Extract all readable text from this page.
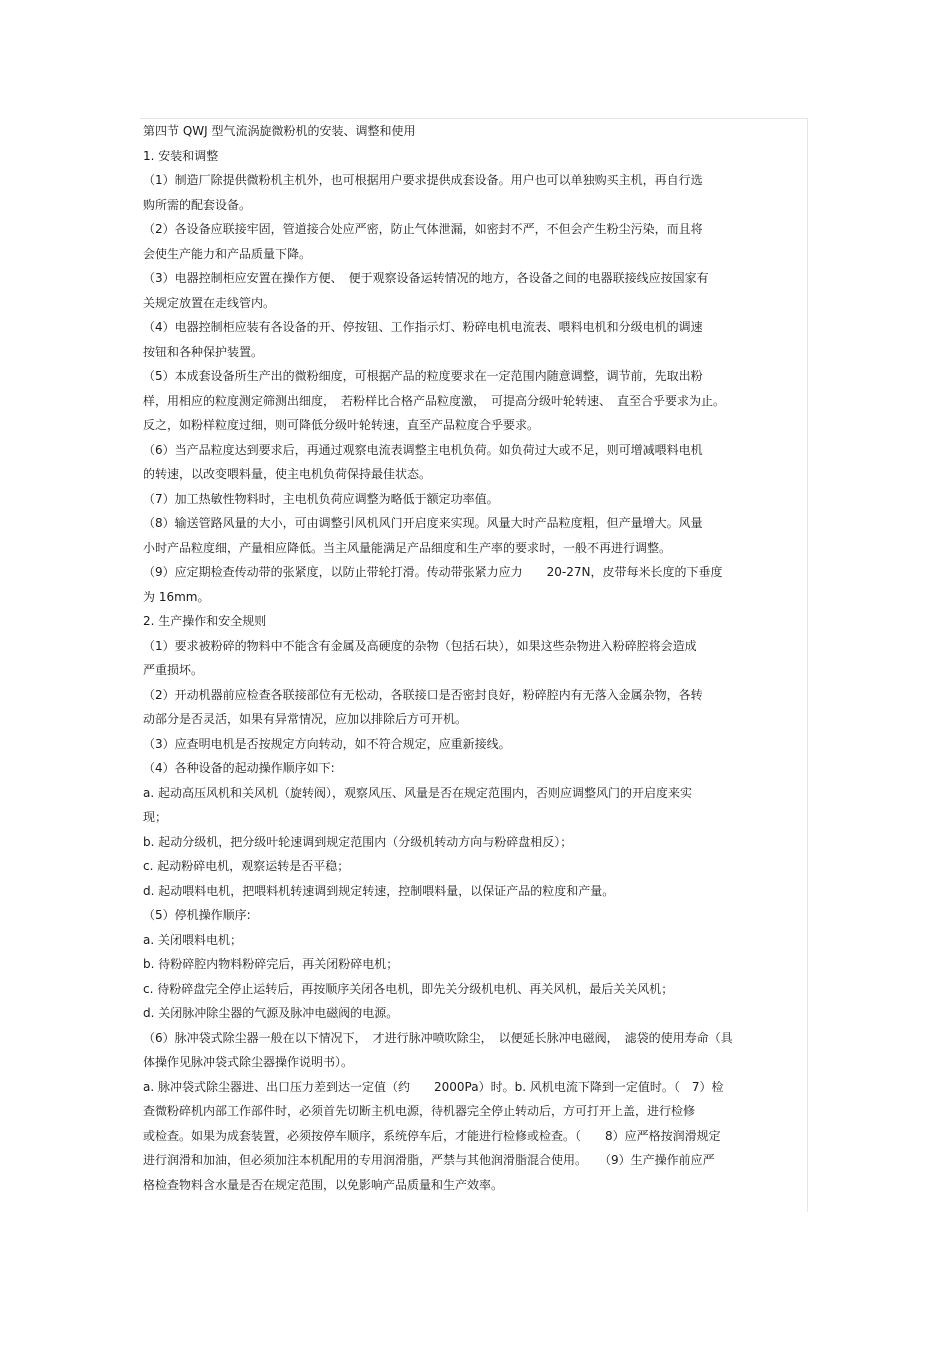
第四节 QWJ 型气流涡旋微粉机的安装、调整和使用
1. 安装和调整
（1）制造厂除提供微粉机主机外，也可根据用户要求提供成套设备。用户也可以单独购买主机，再自行选
购所需的配套设备。
（2）各设备应联接牢固，管道接合处应严密，防止气体泄漏，如密封不严，不但会产生粉尘污染，而且将
会使生产能力和产品质量下降。
（3）电器控制柜应安置在操作方便、　便于观察设备运转情况的地方，各设备之间的电器联接线应按国家有
关规定放置在走线管内。
（4）电器控制柜应装有各设备的开、停按钮、工作指示灯、粉碎电机电流表、喂料电机和分级电机的调速
按钮和各种保护装置。
（5）本成套设备所生产出的微粉细度，可根据产品的粒度要求在一定范围内随意调整，调节前，先取出粉
样，用相应的粒度测定筛测出细度，　若粉样比合格产品粒度激，　可提高分级叶轮转速、　直至合乎要求为止。
反之，如粉样粒度过细，则可降低分级叶轮转速，直至产品粒度合乎要求。
（6）当产品粒度达到要求后，再通过观察电流表调整主电机负荷。如负荷过大或不足，则可增减喂料电机
的转速，以改变喂料量，使主电机负荷保持最佳状态。
（7）加工热敏性物料时，主电机负荷应调整为略低于额定功率值。
（8）输送管路风量的大小，可由调整引风机风门开启度来实现。风量大时产品粒度粗，但产量增大。风量
小时产品粒度细，产量相应降低。当主风量能满足产品细度和生产率的要求时，一般不再进行调整。
（9）应定期检查传动带的张紧度，以防止带轮打滑。传动带张紧力应力　　20-27N，皮带每米长度的下垂度
为 16mm。
2. 生产操作和安全规则
（1）要求被粉碎的物料中不能含有金属及高硬度的杂物（包括石块），如果这些杂物进入粉碎腔将会造成
严重损坏。
（2）开动机器前应检查各联接部位有无松动，各联接口是否密封良好，粉碎腔内有无落入金属杂物，各转
动部分是否灵活，如果有异常情况，应加以排除后方可开机。
（3）应查明电机是否按规定方向转动，如不符合规定，应重新接线。
（4）各种设备的起动操作顺序如下:
a. 起动高压风机和关风机（旋转阀），观察风压、风量是否在规定范围内，否则应调整风门的开启度来实
现；
b. 起动分级机，把分级叶轮速调到规定范围内（分级机转动方向与粉碎盘相反）；
c. 起动粉碎电机，观察运转是否平稳；
d. 起动喂料电机，把喂料机转速调到规定转速，控制喂料量，以保证产品的粒度和产量。
（5）停机操作顺序:
a. 关闭喂料电机；
b. 待粉碎腔内物料粉碎完后，再关闭粉碎电机；
c. 待粉碎盘完全停止运转后，再按顺序关闭各电机，即先关分级机电机、再关风机，最后关关风机；
d. 关闭脉冲除尘器的气源及脉冲电磁阀的电源。
（6）脉冲袋式除尘器一般在以下情况下，　才进行脉冲喷吹除尘，　以便延长脉冲电磁阀，　滤袋的使用寿命（具
体操作见脉冲袋式除尘器操作说明书）。
a. 脉冲袋式除尘器进、出口压力差到达一定值（约　　2000Pa）时。b. 风机电流下降到一定值时。（　7）检
查微粉碎机内部工作部件时，必须首先切断主机电源，待机器完全停止转动后，方可打开上盖，进行检修
或检查。如果为成套装置，必须按停车顺序，系统停车后，才能进行检修或检查。（　　8）应严格按润滑规定
进行润滑和加油，但必须加注本机配用的专用润滑脂，严禁与其他润滑脂混合使用。　　（9）生产操作前应严
格检查物料含水量是否在规定范围，以免影响产品质量和生产效率。
